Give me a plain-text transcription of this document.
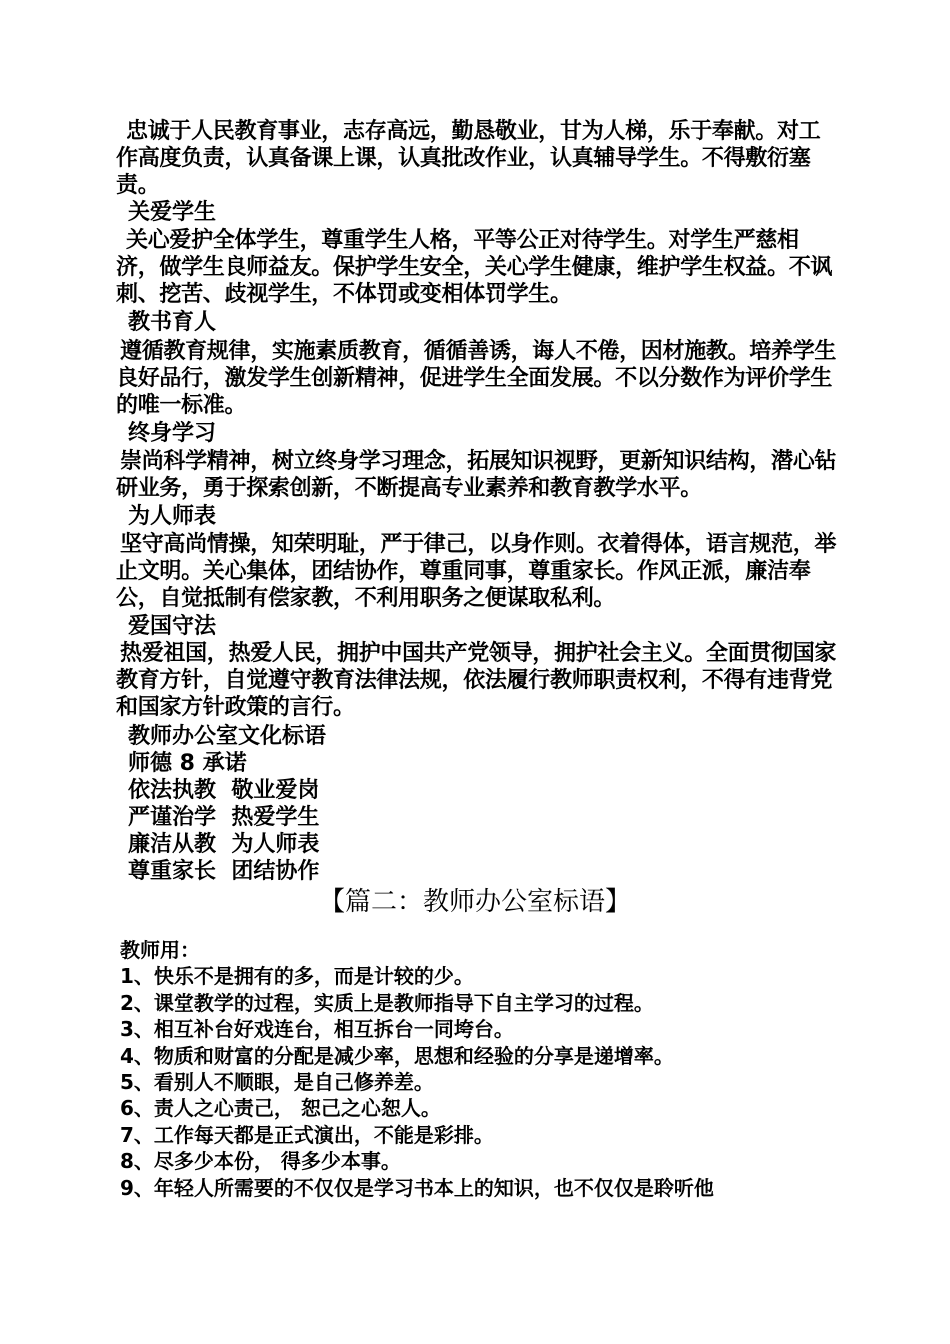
忠诚于人民教育事业，志存高远，勤恳敬业，甘为人梯，乐于奉献。对工作高度负责，认真备课上课，认真批改作业，认真辅导学生。不得敷衍塞责。

关爱学生

关心爱护全体学生，尊重学生人格，平等公正对待学生。对学生严慈相济，做学生良师益友。保护学生安全，关心学生健康，维护学生权益。不讽刺、挖苦、歧视学生，不体罚或变相体罚学生。

教书育人

遵循教育规律，实施素质教育，循循善诱，诲人不倦，因材施教。培养学生良好品行，激发学生创新精神，促进学生全面发展。不以分数作为评价学生的唯一标准。

终身学习

崇尚科学精神，树立终身学习理念，拓展知识视野，更新知识结构，潜心钻研业务，勇于探索创新，不断提高专业素养和教育教学水平。

为人师表

坚守高尚情操，知荣明耻，严于律己，以身作则。衣着得体，语言规范，举止文明。关心集体，团结协作，尊重同事，尊重家长。作风正派，廉洁奉公，自觉抵制有偿家教，不利用职务之便谋取私利。

爱国守法

热爱祖国，热爱人民，拥护中国共产党领导，拥护社会主义。全面贯彻国家教育方针，自觉遵守教育法律法规，依法履行教师职责权利，不得有违背党和国家方针政策的言行。

教师办公室文化标语

师德 8 承诺

依法执教  敬业爱岗

严谨治学  热爱学生

廉洁从教  为人师表

尊重家长  团结协作

【篇二：教师办公室标语】

教师用：

1、快乐不是拥有的多，而是计较的少。

2、课堂教学的过程，实质上是教师指导下自主学习的过程。

3、相互补台好戏连台，相互拆台一同垮台。

4、物质和财富的分配是减少率，思想和经验的分享是递增率。

5、看别人不顺眼，是自己修养差。

6、责人之心责己， 恕己之心恕人。

7、工作每天都是正式演出，不能是彩排。

8、尽多少本份， 得多少本事。

9、年轻人所需要的不仅仅是学习书本上的知识，也不仅仅是聆听他
